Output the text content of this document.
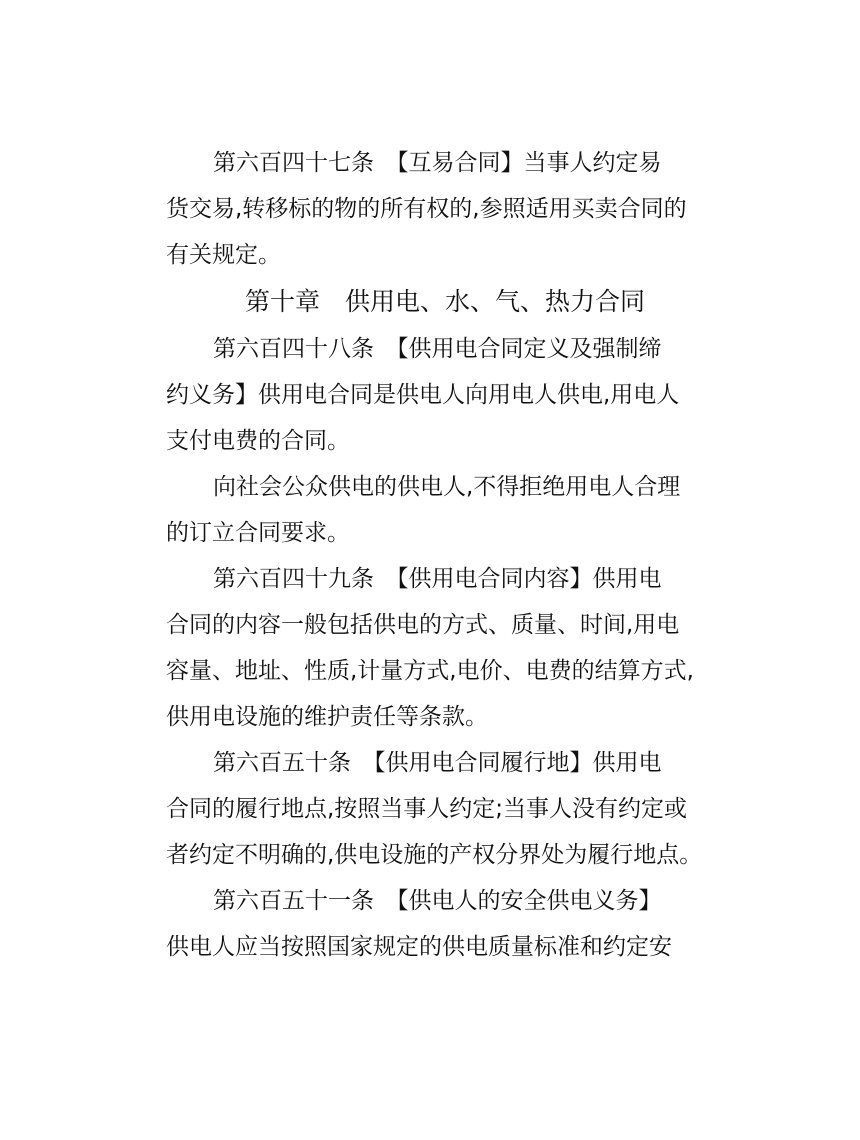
第六百四十七条　【互易合同】当事人约定易
货交易,转移标的物的所有权的,参照适用买卖合同的
有关规定。
第十章　供用电、水、气、热力合同
第六百四十八条　【供用电合同定义及强制缔
约义务】供用电合同是供电人向用电人供电,用电人
支付电费的合同。
向社会公众供电的供电人,不得拒绝用电人合理
的订立合同要求。
第六百四十九条　【供用电合同内容】供用电
合同的内容一般包括供电的方式、质量、时间,用电
容量、地址、性质,计量方式,电价、电费的结算方式,
供用电设施的维护责任等条款。
第六百五十条　【供用电合同履行地】供用电
合同的履行地点,按照当事人约定;当事人没有约定或
者约定不明确的,供电设施的产权分界处为履行地点。
第六百五十一条　【供电人的安全供电义务】
供电人应当按照国家规定的供电质量标准和约定安
